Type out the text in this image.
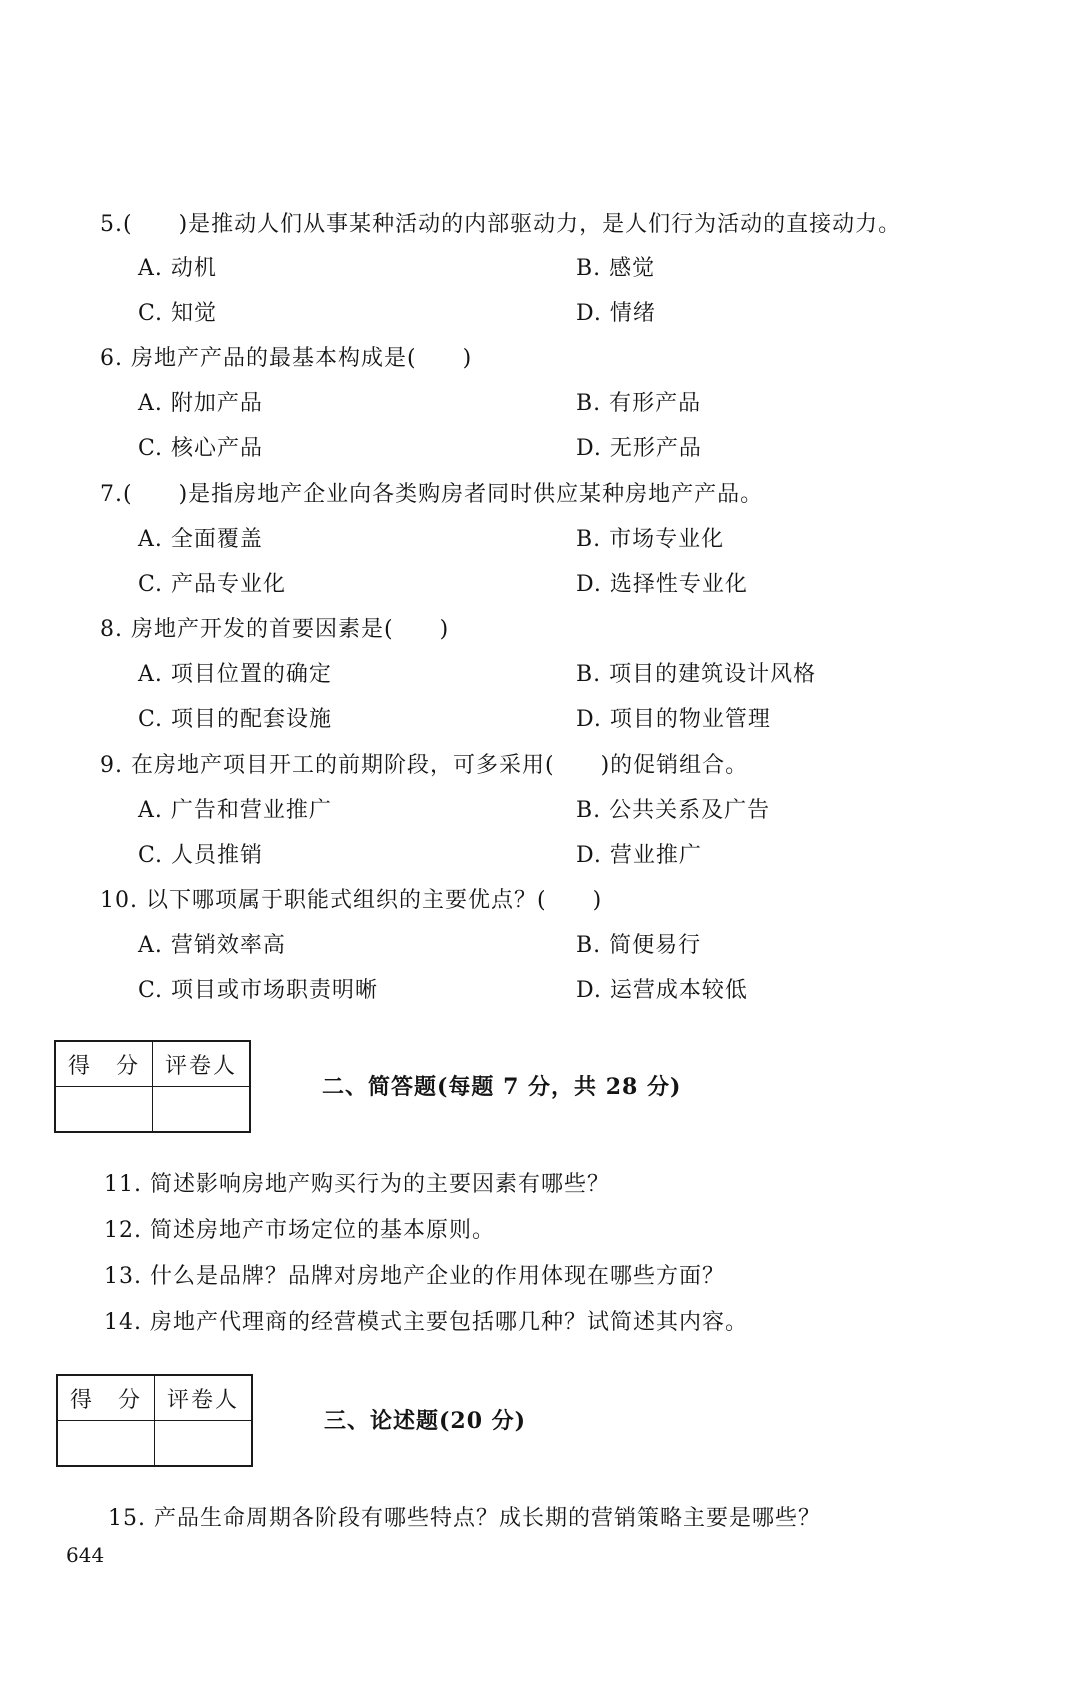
5.(　　)是推动人们从事某种活动的内部驱动力，是人们行为活动的直接动力。
A. 动机	B. 感觉
C. 知觉	D. 情绪
6. 房地产产品的最基本构成是(　　)
A. 附加产品	B. 有形产品
C. 核心产品	D. 无形产品
7.(　　)是指房地产企业向各类购房者同时供应某种房地产产品。
A. 全面覆盖	B. 市场专业化
C. 产品专业化	D. 选择性专业化
8. 房地产开发的首要因素是(　　)
A. 项目位置的确定	B. 项目的建筑设计风格
C. 项目的配套设施	D. 项目的物业管理
9. 在房地产项目开工的前期阶段，可多采用(　　)的促销组合。
A. 广告和营业推广	B. 公共关系及广告
C. 人员推销	D. 营业推广
10. 以下哪项属于职能式组织的主要优点？(　　)
A. 营销效率高	B. 简便易行
C. 项目或市场职责明晰	D. 运营成本较低
得　分	评卷人

二、简答题(每题 7 分，共 28 分)
11. 简述影响房地产购买行为的主要因素有哪些？
12. 简述房地产市场定位的基本原则。
13. 什么是品牌？品牌对房地产企业的作用体现在哪些方面？
14. 房地产代理商的经营模式主要包括哪几种？试简述其内容。
得　分	评卷人

三、论述题(20 分)
15. 产品生命周期各阶段有哪些特点？成长期的营销策略主要是哪些？
644
